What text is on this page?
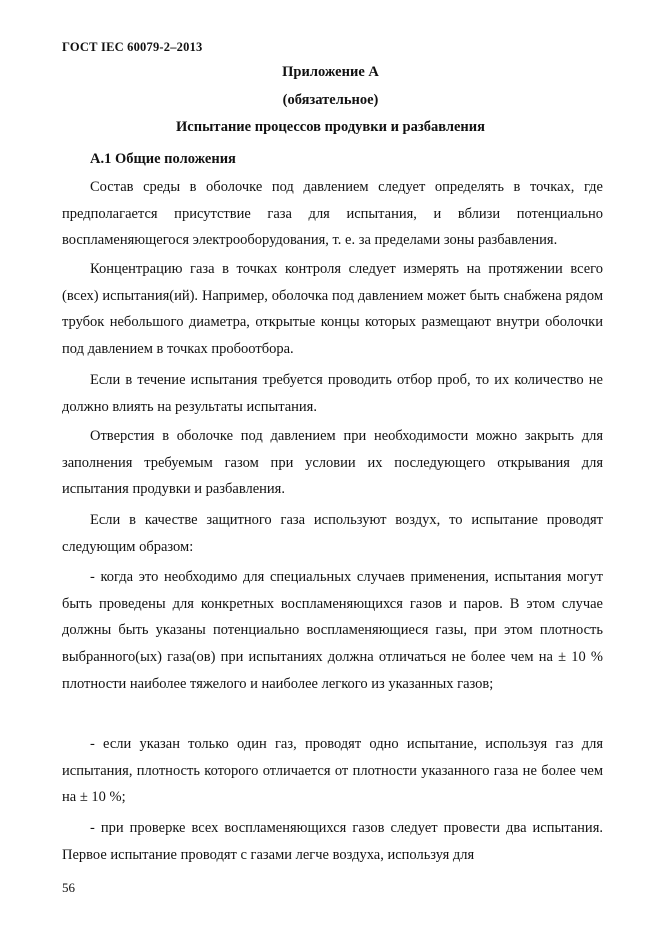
ГОСТ IEC 60079-2–2013
Приложение A
(обязательное)
Испытание процессов продувки и разбавления
A.1 Общие положения
Состав среды в оболочке под давлением следует определять в точках, где предполагается присутствие газа для испытания, и вблизи потенциально воспламеняющегося электрооборудования, т. е. за пределами зоны разбавления.
Концентрацию газа в точках контроля следует измерять на протяжении всего (всех) испытания(ий). Например, оболочка под давлением может быть снабжена рядом трубок небольшого диаметра, открытые концы которых размещают внутри оболочки под давлением в точках пробоотбора.
Если в течение испытания требуется проводить отбор проб, то их количество не должно влиять на результаты испытания.
Отверстия в оболочке под давлением при необходимости можно закрыть для заполнения требуемым газом при условии их последующего открывания для испытания продувки и разбавления.
Если в качестве защитного газа используют воздух, то испытание проводят следующим образом:
- когда это необходимо для специальных случаев применения, испытания могут быть проведены для конкретных воспламеняющихся газов и паров. В этом случае должны быть указаны потенциально воспламеняющиеся газы, при этом плотность выбранного(ых) газа(ов) при испытаниях должна отличаться не более чем на ± 10 % плотности наиболее тяжелого и наиболее легкого из указанных газов;
- если указан только один газ, проводят одно испытание, используя газ для испытания, плотность которого отличается от плотности указанного газа не более чем на ± 10 %;
- при проверке всех воспламеняющихся газов следует провести два испытания. Первое испытание проводят с газами легче воздуха, используя для
56
